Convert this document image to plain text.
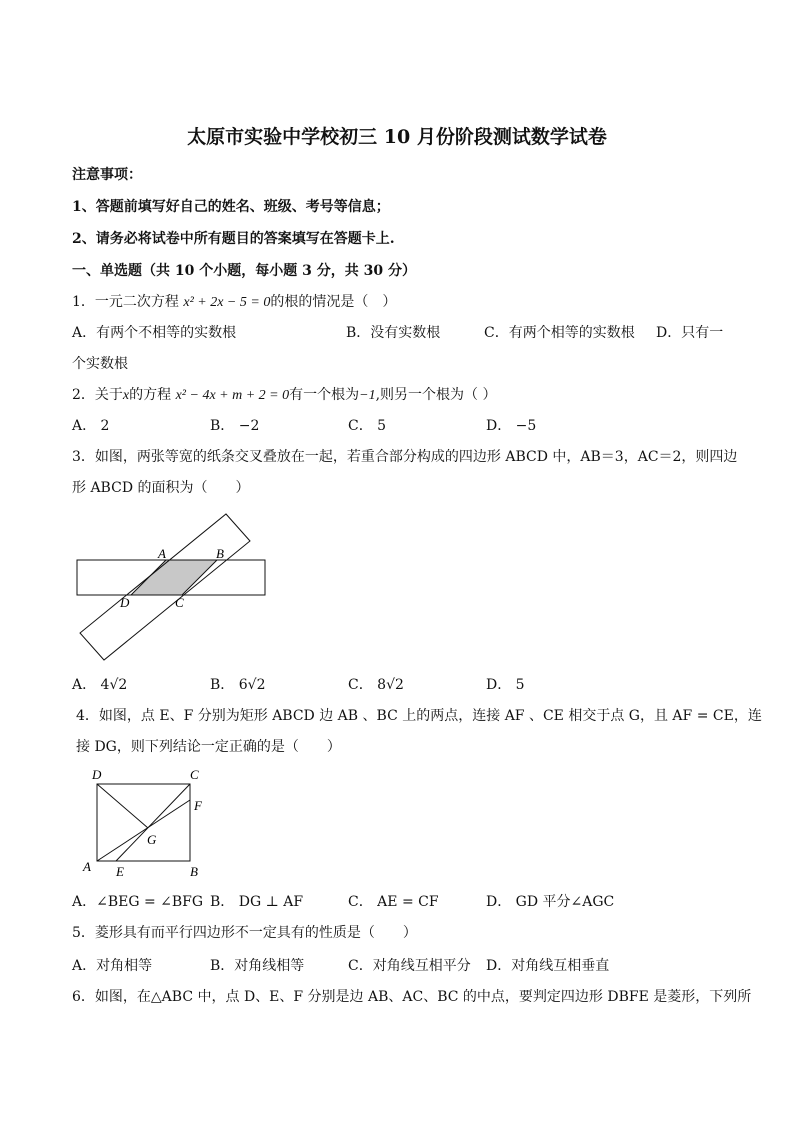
太原市实验中学校初三 10 月份阶段测试数学试卷
注意事项：
1、答题前填写好自己的姓名、班级、考号等信息；
2、请务必将试卷中所有题目的答案填写在答题卡上.
一、单选题（共 10 个小题，每小题 3 分，共 30 分）
1．一元二次方程 x² + 2x − 5 = 0的根的情况是（　）
A．有两个不相等的实数根	B．没有实数根	C．有两个相等的实数根 D．只有一
个实数根
2．关于x的方程 x² − 4x + m + 2 = 0有一个根为−1,则另一个根为（ ）
A． 2	B． −2	C． 5	D． −5
3．如图，两张等宽的纸条交叉叠放在一起，若重合部分构成的四边形 ABCD 中，AB＝3，AC＝2，则四边
形 ABCD 的面积为（　　）
A	B
D	C
A． 4√2	B． 6√2	C． 8√2	D． 5
4．如图，点 E、F 分别为矩形 ABCD 边 AB 、BC 上的两点，连接 AF 、CE 相交于点 G，且 AF = CE，连
接 DG，则下列结论一定正确的是（　　）
D	C
F
G
A E	B
A．∠BEG = ∠BFG B． DG ⊥ AF	C． AE = CF	D． GD 平分∠AGC
5．菱形具有而平行四边形不一定具有的性质是（　　）
A．对角相等	B．对角线相等	C．对角线互相平分 D．对角线互相垂直
6．如图，在△ABC 中，点 D、E、F 分别是边 AB、AC、BC 的中点，要判定四边形 DBFE 是菱形，下列所
